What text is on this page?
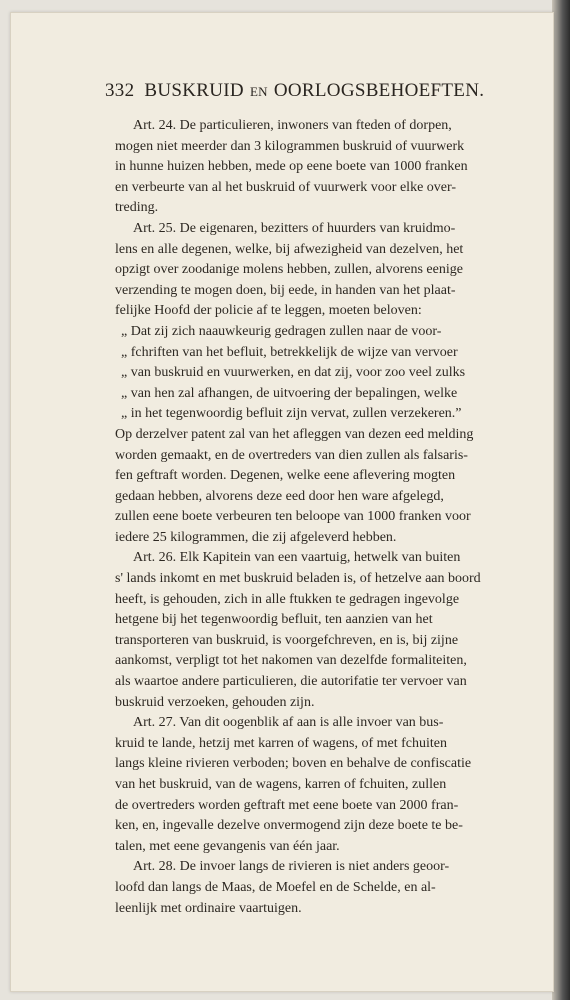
332 BUSKRUID EN OORLOGSBEHOEFTEN.
Art. 24. De particulieren, inwoners van fteden of dorpen,
mogen niet meerder dan 3 kilogrammen buskruid of vuurwerk
in hunne huizen hebben, mede op eene boete van 1000 franken
en verbeurte van al het buskruid of vuurwerk voor elke over-
treding.
Art. 25. De eigenaren, bezitters of huurders van kruidmo-
lens en alle degenen, welke, bij afwezigheid van dezelven, het
opzigt over zoodanige molens hebben, zullen, alvorens eenige
verzending te mogen doen, bij eede, in handen van het plaat-
felijke Hoofd der policie af te leggen, moeten beloven:
„ Dat zij zich naauwkeurig gedragen zullen naar de voor-
„ fchriften van het befluit, betrekkelijk de wijze van vervoer
„ van buskruid en vuurwerken, en dat zij, voor zoo veel zulks
„ van hen zal afhangen, de uitvoering der bepalingen, welke
„ in het tegenwoordig befluit zijn vervat, zullen verzekeren.”
Op derzelver patent zal van het afleggen van dezen eed melding
worden gemaakt, en de overtreders van dien zullen als falsaris-
fen geftraft worden. Degenen, welke eene aflevering mogten
gedaan hebben, alvorens deze eed door hen ware afgelegd,
zullen eene boete verbeuren ten beloope van 1000 franken voor
iedere 25 kilogrammen, die zij afgeleverd hebben.
Art. 26. Elk Kapitein van een vaartuig, hetwelk van buiten
s' lands inkomt en met buskruid beladen is, of hetzelve aan boord
heeft, is gehouden, zich in alle ftukken te gedragen ingevolge
hetgene bij het tegenwoordig befluit, ten aanzien van het
transporteren van buskruid, is voorgefchreven, en is, bij zijne
aankomst, verpligt tot het nakomen van dezelfde formaliteiten,
als waartoe andere particulieren, die autorifatie ter vervoer van
buskruid verzoeken, gehouden zijn.
Art. 27. Van dit oogenblik af aan is alle invoer van bus-
kruid te lande, hetzij met karren of wagens, of met fchuiten
langs kleine rivieren verboden; boven en behalve de confiscatie
van het buskruid, van de wagens, karren of fchuiten, zullen
de overtreders worden geftraft met eene boete van 2000 fran-
ken, en, ingevalle dezelve onvermogend zijn deze boete te be-
talen, met eene gevangenis van één jaar.
Art. 28. De invoer langs de rivieren is niet anders geoor-
loofd dan langs de Maas, de Moefel en de Schelde, en al-
leenlijk met ordinaire vaartuigen.
